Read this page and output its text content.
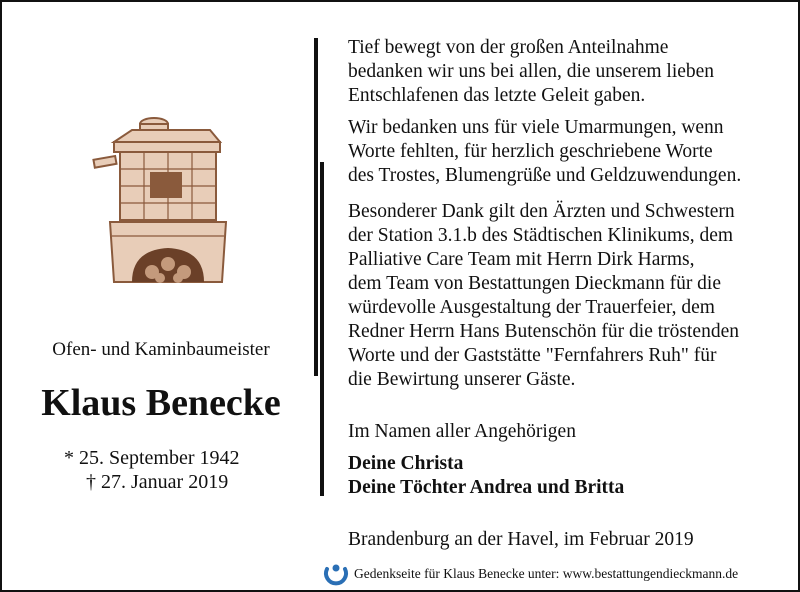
Ofen- und Kaminbaumeister
Klaus Benecke
* 25. September 1942
† 27. Januar 2019

Tief bewegt von der großen Anteilnahme
bedanken wir uns bei allen, die unserem lieben
Entschlafenen das letzte Geleit gaben.

Wir bedanken uns für viele Umarmungen, wenn
Worte fehlten, für herzlich geschriebene Worte
des Trostes, Blumengrüße und Geldzuwendungen.

Besonderer Dank gilt den Ärzten und Schwestern
der Station 3.1.b des Städtischen Klinikums, dem
Palliative Care Team mit Herrn Dirk Harms,
dem Team von Bestattungen Dieckmann für die
würdevolle Ausgestaltung der Trauerfeier, dem
Redner Herrn Hans Butenschön für die tröstenden
Worte und der Gaststätte "Fernfahrers Ruh" für
die Bewirtung unserer Gäste.

Im Namen aller Angehörigen

Deine Christa
Deine Töchter Andrea und Britta

Brandenburg an der Havel, im Februar 2019

Gedenkseite für Klaus Benecke unter: www.bestattungendieckmann.de
